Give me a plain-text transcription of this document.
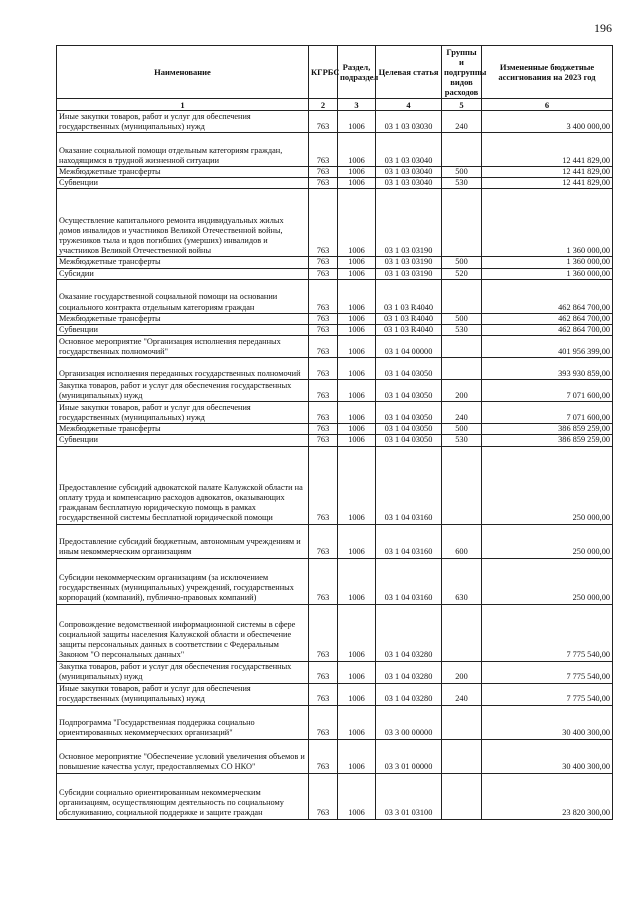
196
Наименование	КГРБС	Раздел, подраздел	Целевая статья	Группы и подгруппы видов расходов	Измененные бюджетные ассигнования на 2023 год
1	2	3	4	5	6
Иные закупки товаров, работ и услуг для обеспечения государственных (муниципальных) нужд	763	1006	03 1 03 03030	240	3 400 000,00
Оказание социальной помощи отдельным категориям граждан, находящимся в трудной жизненной ситуации	763	1006	03 1 03 03040		12 441 829,00
Межбюджетные трансферты	763	1006	03 1 03 03040	500	12 441 829,00
Субвенции	763	1006	03 1 03 03040	530	12 441 829,00
Осуществление капитального ремонта индивидуальных жилых домов инвалидов и участников Великой Отечественной войны, тружеников тыла и вдов погибших (умерших) инвалидов и участников Великой Отечественной войны	763	1006	03 1 03 03190		1 360 000,00
Межбюджетные трансферты	763	1006	03 1 03 03190	500	1 360 000,00
Субсидии	763	1006	03 1 03 03190	520	1 360 000,00
Оказание государственной социальной помощи на основании социального контракта отдельным категориям граждан	763	1006	03 1 03 R4040		462 864 700,00
Межбюджетные трансферты	763	1006	03 1 03 R4040	500	462 864 700,00
Субвенции	763	1006	03 1 03 R4040	530	462 864 700,00
Основное мероприятие "Организация исполнения переданных государственных полномочий"	763	1006	03 1 04 00000		401 956 399,00
Организация исполнения переданных государственных полномочий	763	1006	03 1 04 03050		393 930 859,00
Закупка товаров, работ и услуг для обеспечения государственных (муниципальных) нужд	763	1006	03 1 04 03050	200	7 071 600,00
Иные закупки товаров, работ и услуг для обеспечения государственных (муниципальных) нужд	763	1006	03 1 04 03050	240	7 071 600,00
Межбюджетные трансферты	763	1006	03 1 04 03050	500	386 859 259,00
Субвенции	763	1006	03 1 04 03050	530	386 859 259,00
Предоставление субсидий адвокатской палате Калужской области на оплату труда и компенсацию расходов адвокатов, оказывающих гражданам бесплатную юридическую помощь в рамках государственной системы бесплатной юридической помощи	763	1006	03 1 04 03160		250 000,00
Предоставление субсидий бюджетным, автономным учреждениям и иным некоммерческим организациям	763	1006	03 1 04 03160	600	250 000,00
Субсидии некоммерческим организациям (за исключением государственных (муниципальных) учреждений, государственных корпораций (компаний), публично-правовых компаний)	763	1006	03 1 04 03160	630	250 000,00
Сопровождение ведомственной информационной системы в сфере социальной защиты населения Калужской области и обеспечение защиты персональных данных в соответствии с Федеральным Законом "О персональных данных"	763	1006	03 1 04 03280		7 775 540,00
Закупка товаров, работ и услуг для обеспечения государственных (муниципальных) нужд	763	1006	03 1 04 03280	200	7 775 540,00
Иные закупки товаров, работ и услуг для обеспечения государственных (муниципальных) нужд	763	1006	03 1 04 03280	240	7 775 540,00
Подпрограмма "Государственная поддержка социально ориентированных некоммерческих организаций"	763	1006	03 3 00 00000		30 400 300,00
Основное мероприятие "Обеспечение условий увеличения объемов и повышение качества услуг, предоставляемых СО НКО"	763	1006	03 3 01 00000		30 400 300,00
Субсидии социально ориентированным некоммерческим организациям, осуществляющим деятельность по социальному обслуживанию, социальной поддержке и защите граждан	763	1006	03 3 01 03100		23 820 300,00
